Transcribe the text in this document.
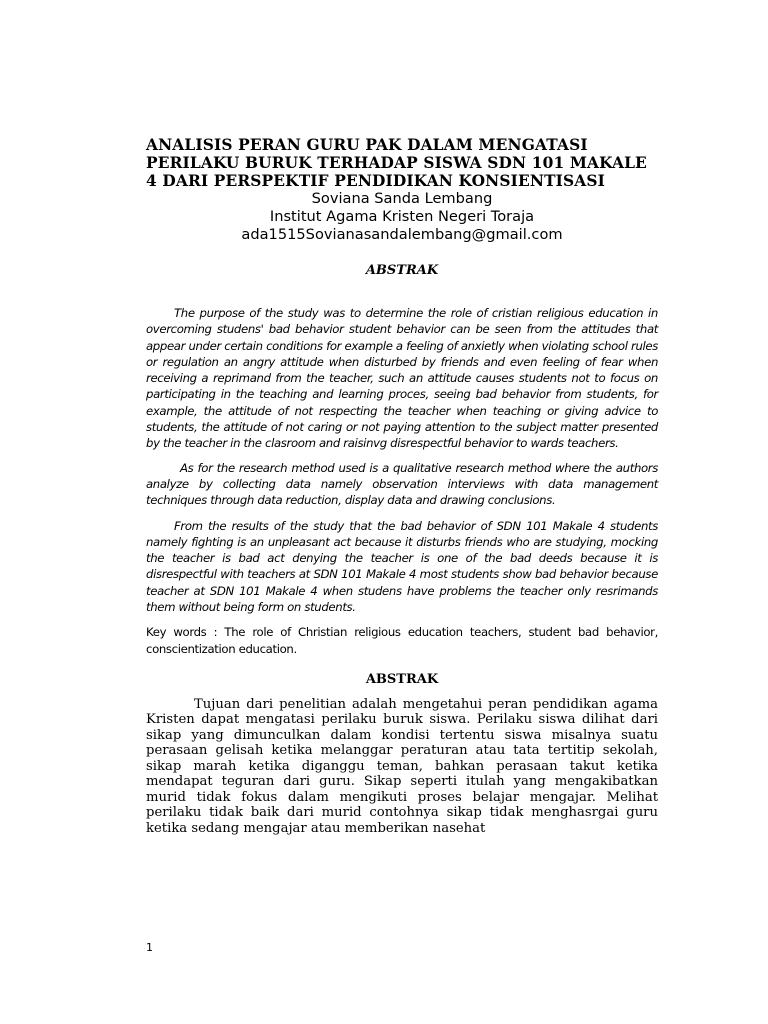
ANALISIS PERAN GURU PAK DALAM MENGATASI

PERILAKU BURUK TERHADAP SISWA SDN 101 MAKALE

4 DARI PERSPEKTIF PENDIDIKAN KONSIENTISASI

Soviana Sanda Lembang

Institut Agama Kristen Negeri Toraja

ada1515Sovianasandalembang@gmail.com

ABSTRAK

The purpose of the study was to determine the role of cristian religious education in overcoming studens' bad behavior student behavior can be seen from the attitudes that appear under certain conditions for example a feeling of anxietly when violating school rules or regulation an angry attitude when disturbed by friends and even feeling of fear when receiving a reprimand from the teacher, such an attitude causes students not to focus on participating in the teaching and learning proces, seeing bad behavior from students, for example, the attitude of not respecting the teacher when teaching or giving advice to students, the attitude of not caring or not paying attention to the subject matter presented by the teacher in the clasroom and raisinvg disrespectful behavior to wards teachers.

As for the research method used is a qualitative research method where the authors analyze by collecting data namely observation interviews with data management techniques through data reduction, display data and drawing conclusions.

From the results of the study that the bad behavior of SDN 101 Makale 4 students namely fighting is an unpleasant act because it disturbs friends who are studying, mocking the teacher is bad act denying the teacher is one of the bad deeds because it is disrespectful with teachers at SDN 101 Makale 4 most students show bad behavior because teacher at SDN 101 Makale 4 when studens have problems the teacher only resrimands them without being form on students.

Key words : The role of Christian religious education teachers, student bad behavior, conscientization education.

ABSTRAK

Tujuan dari penelitian adalah mengetahui peran pendidikan agama Kristen dapat mengatasi perilaku buruk siswa. Perilaku siswa dilihat dari sikap yang dimunculkan dalam kondisi tertentu siswa misalnya suatu perasaan gelisah ketika melanggar peraturan atau tata tertitip sekolah, sikap marah ketika diganggu teman, bahkan perasaan takut ketika mendapat teguran dari guru. Sikap seperti itulah yang mengakibatkan murid tidak fokus dalam mengikuti proses belajar mengajar. Melihat perilaku tidak baik dari murid contohnya sikap tidak menghasrgai guru ketika sedang mengajar atau memberikan nasehat

1
